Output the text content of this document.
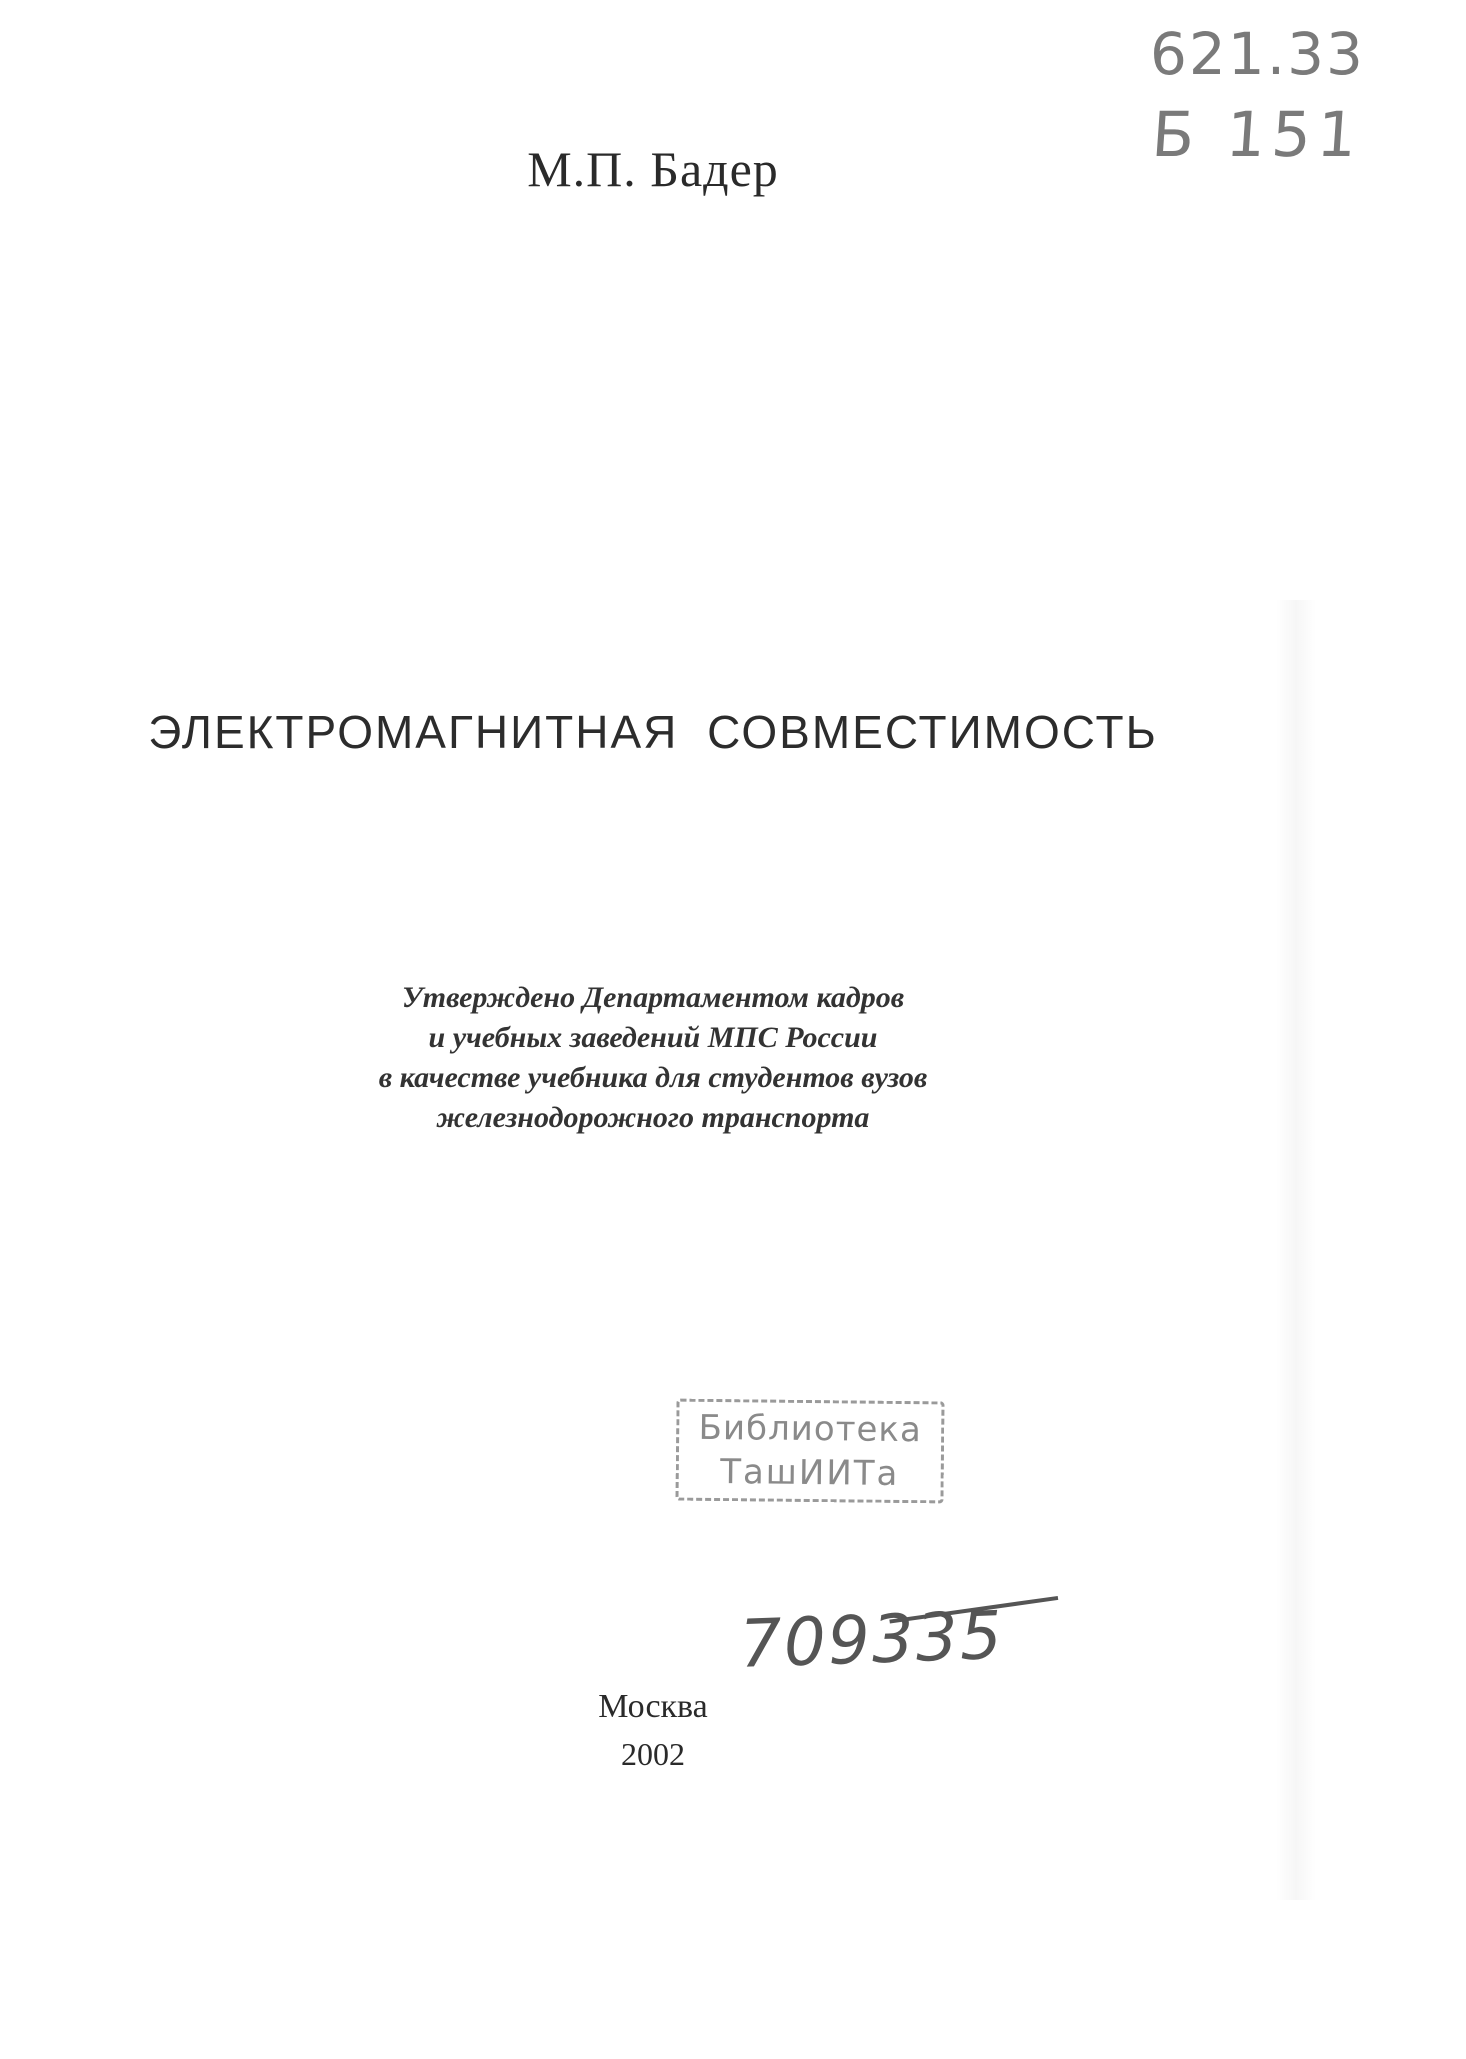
621.33
Б 151
М.П. Бадер
ЭЛЕКТРОМАГНИТНАЯ СОВМЕСТИМОСТЬ
Утверждено Департаментом кадров
и учебных заведений МПС России
в качестве учебника для студентов вузов
железнодорожного транспорта
Библиотека
ТашИИТа
709335
Москва
2002
